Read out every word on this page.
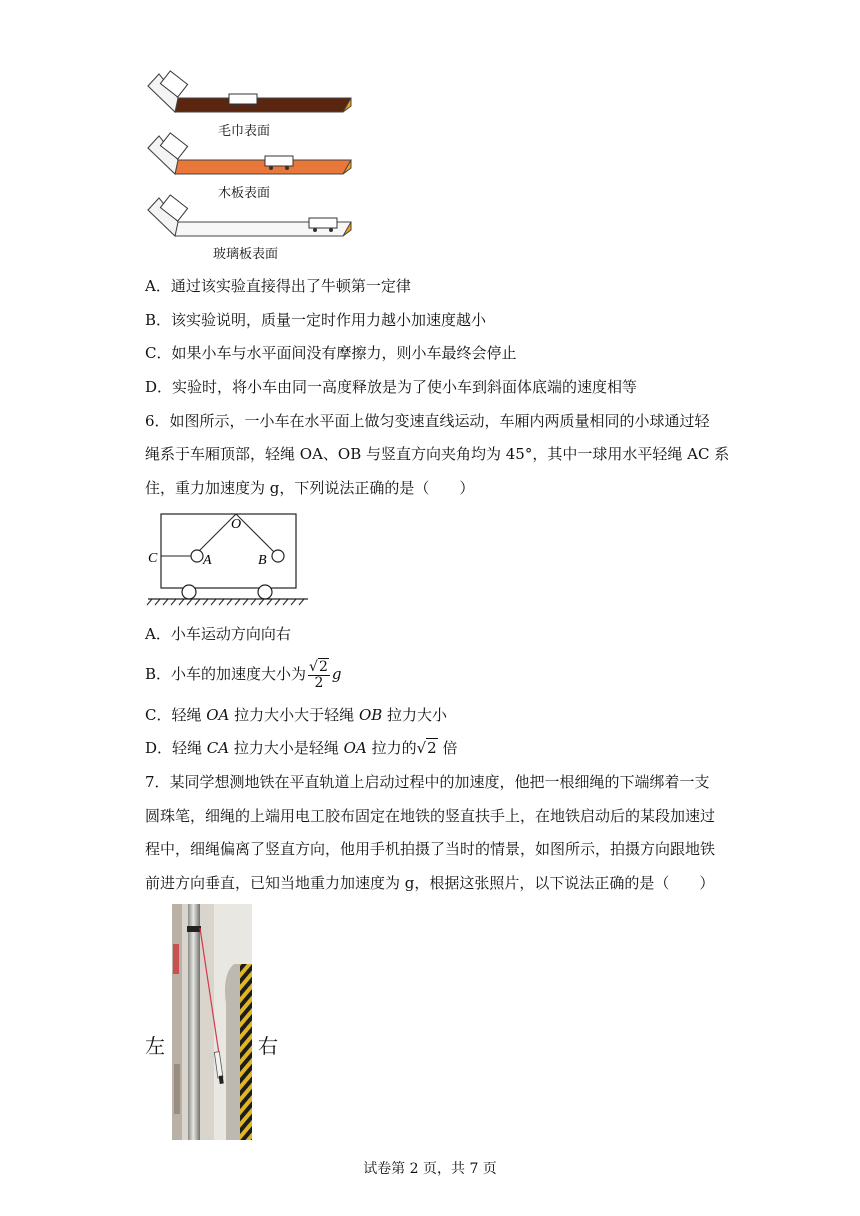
毛巾表面
木板表面
玻璃板表面
A．通过该实验直接得出了牛顿第一定律
B．该实验说明，质量一定时作用力越小加速度越小
C．如果小车与水平面间没有摩擦力，则小车最终会停止
D．实验时，将小车由同一高度释放是为了使小车到斜面体底端的速度相等
6．如图所示，一小车在水平面上做匀变速直线运动，车厢内两质量相同的小球通过轻
绳系于车厢顶部，轻绳 OA、OB 与竖直方向夹角均为 45°，其中一球用水平轻绳 AC 系
住，重力加速度为 g，下列说法正确的是（　　）
C
O
A	B
A．小车运动方向向右
B．小车的加速度大小为 $\frac{√2}{2}$ g
C．轻绳 OA 拉力大小大于轻绳 OB 拉力大小
D．轻绳 CA 拉力大小是轻绳 OA 拉力的√2 倍
7．某同学想测地铁在平直轨道上启动过程中的加速度，他把一根细绳的下端绑着一支
圆珠笔，细绳的上端用电工胶布固定在地铁的竖直扶手上，在地铁启动后的某段加速过
程中，细绳偏离了竖直方向，他用手机拍摄了当时的情景，如图所示，拍摄方向跟地铁
前进方向垂直，已知当地重力加速度为 g，根据这张照片，以下说法正确的是（　　）
左	右
试卷第 2 页，共 7 页
